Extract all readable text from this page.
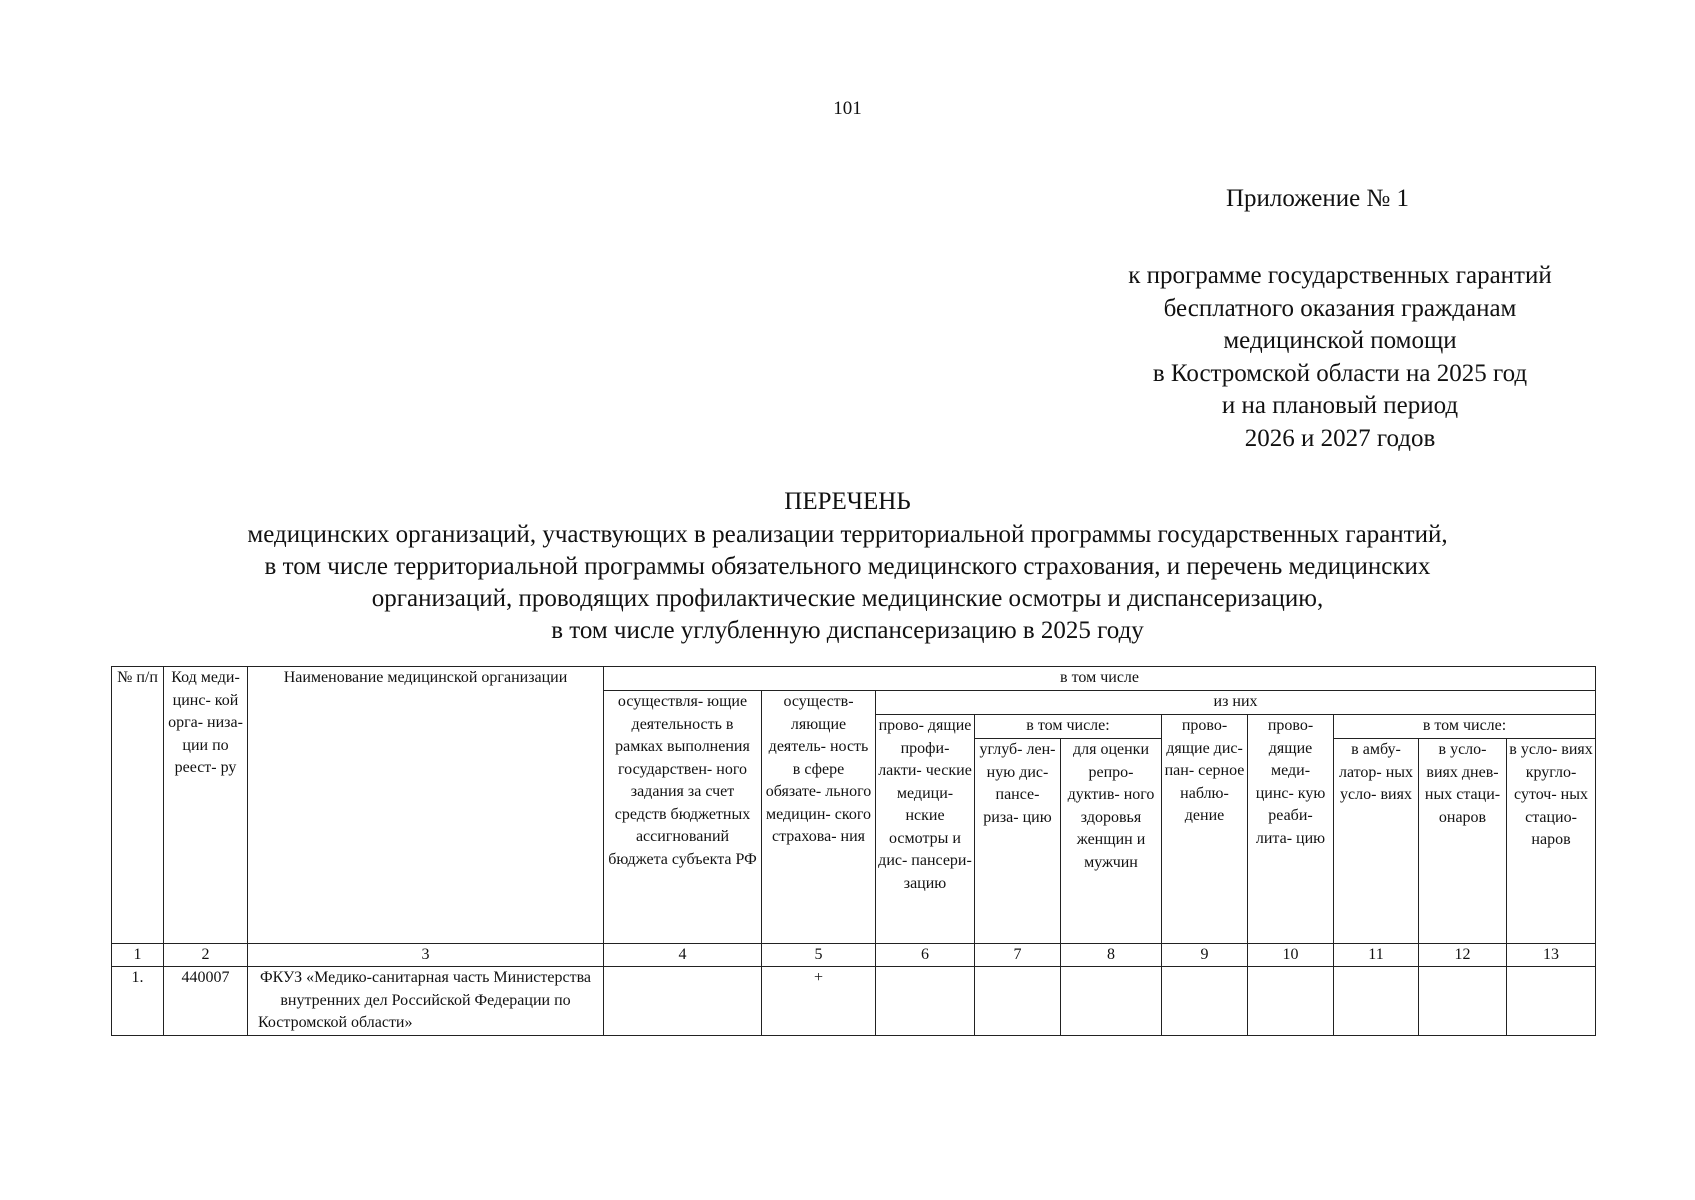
101
Приложение № 1
к программе государственных гарантий
бесплатного оказания гражданам
медицинской помощи
в Костромской области на 2025 год
и на плановый период
2026 и 2027 годов
ПЕРЕЧЕНЬ
медицинских организаций, участвующих в реализации территориальной программы государственных гарантий,
в том числе территориальной программы обязательного медицинского страхования, и перечень медицинских
организаций, проводящих профилактические медицинские осмотры и диспансеризацию,
в том числе углубленную диспансеризацию в 2025 году
№ п/п	Код меди- цинс- кой орга- низа- ции по реест- ру	Наименование медицинской организации	в том числе									
			осуществля- ющие деятельность в рамках выполнения государствен- ного задания за счет средств бюджетных ассигнований бюджета субъекта РФ	осуществ- ляющие деятель- ность в сфере обязате- льного медицин- ского страхова- ния	из них							
					прово- дящие профи- лакти- ческие медици- нские осмотры и дис- пансери- зацию	в том числе:		прово- дящие дис- пан- серное наблю- дение	прово- дящие меди- цинс- кую реаби- лита- цию	в том числе:		
						углуб- лен- ную дис- пансе- риза- цию	для оценки репро- дуктив- ного здоровья женщин и мужчин			в амбу- латор- ных усло- виях	в усло- виях днев- ных стаци- онаров	в усло- виях кругло- суточ- ных стацио- наров
1	2	3	4	5	6	7	8	9	10	11	12	13
1.	440007	ФКУЗ «Медико-санитарная часть Министерства внутренних дел Российской Федерации по Костромской области»		+								
